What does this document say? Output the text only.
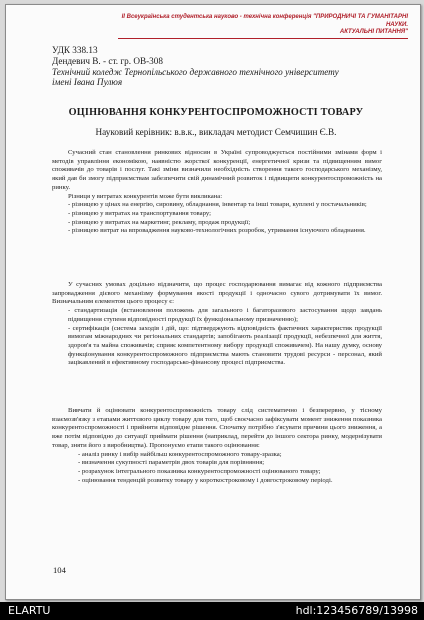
ІІ Всеукраїнська студентська науково - технічна конференція "ПРИРОДНИЧІ ТА ГУМАНІТАРНІ НАУКИ.
АКТУАЛЬНІ ПИТАННЯ"
УДК 338.13
Дендевич В. - ст. гр. ОВ-308
Технічний коледж Тернопільського державного технічного університету
імені Івана Пулюя
ОЦІНЮВАННЯ КОНКУРЕНТОСПРОМОЖНОСТІ ТОВАРУ
Науковий керівник: в.в.к., викладач методист Семчишин Є.В.

Сучасний стан становлення ринкових відносин в Україні супроводжується постійними змінами форм і методів управління економікою, наявністю жорсткої конкуренції, енергетичної кризи та підвищенням вимог споживачів до товарів і послуг. Такі зміни визначили необхідність створення такого господарського механізму, який дав би змогу підприємствам забезпечити свій динамічний розвиток і підвищити конкурентоспроможність на ринку.

Різниця у витратах конкурентів може бути викликана:

- різницею у цінах на енергію, сировину, обладнання, інвентар та інші товари, куплені у постачальників;

- різницею у витратах на транспортування товару;

- різницею у витратах на маркетинг, рекламу, продаж продукції;

- різницею витрат на впровадження науково-технологічних розробок, утримання існуючого обладнання.

У сучасних умовах доцільно відзначити, що процес господарювання вимагає від кожного підприємства запровадження дієвого механізму формування якості продукції і одночасно сувого дотримувати їх вимог. Визначальним елементом цього процесу є:

- стандартизація (встановлення положень для загального і багаторазового застосування щодо завдань підвищення ступеня відповідності продукції їх функціональному призначенню);

- сертифікація (система заходів і дій, що: підтверджують відповідність фактичних характеристик продукції вимогам міжнародних чи регіональних стандартів; запобігають реалізації продукції, небезпечної для життя, здоров'я та майна споживачів; сприяє компетентному вибору продукції споживачем). На нашу думку, основу функціонування конкурентоспроможного підприємства мають становити трудові ресурси - персонал, який зацікавлений в ефективному господарсько-фінансову процесі підприємства.

Вивчати й оцінювати конкурентоспроможність товару слід систематично і безперервно, у тісному взаємозв'язку з етапами життєвого циклу товару для того, щоб своєчасно зафіксувати момент зниження показника конкурентоспроможності і прийняти відповідне рішення. Спочатку потрібно з'ясувати причини цього зниження, а вже потім відповідно до ситуації приймати рішення (наприклад, перейти до іншого сектора ринку, модернізувати товар, зняти його з виробництва). Пропонуємо етапи такого оцінювання:

- аналіз ринку і вибір найбільш конкурентоспроможного товару-зразка;

- визначення сукупності параметрів двох товарів для порівняння;

- розрахунок інтегрального показника конкурентоспроможності оцінюваного товару;

- оцінювання тенденцій розвитку товару у короткостроковому і довгостроковому періоді.

104
ELARTU	hdl:123456789/13998
